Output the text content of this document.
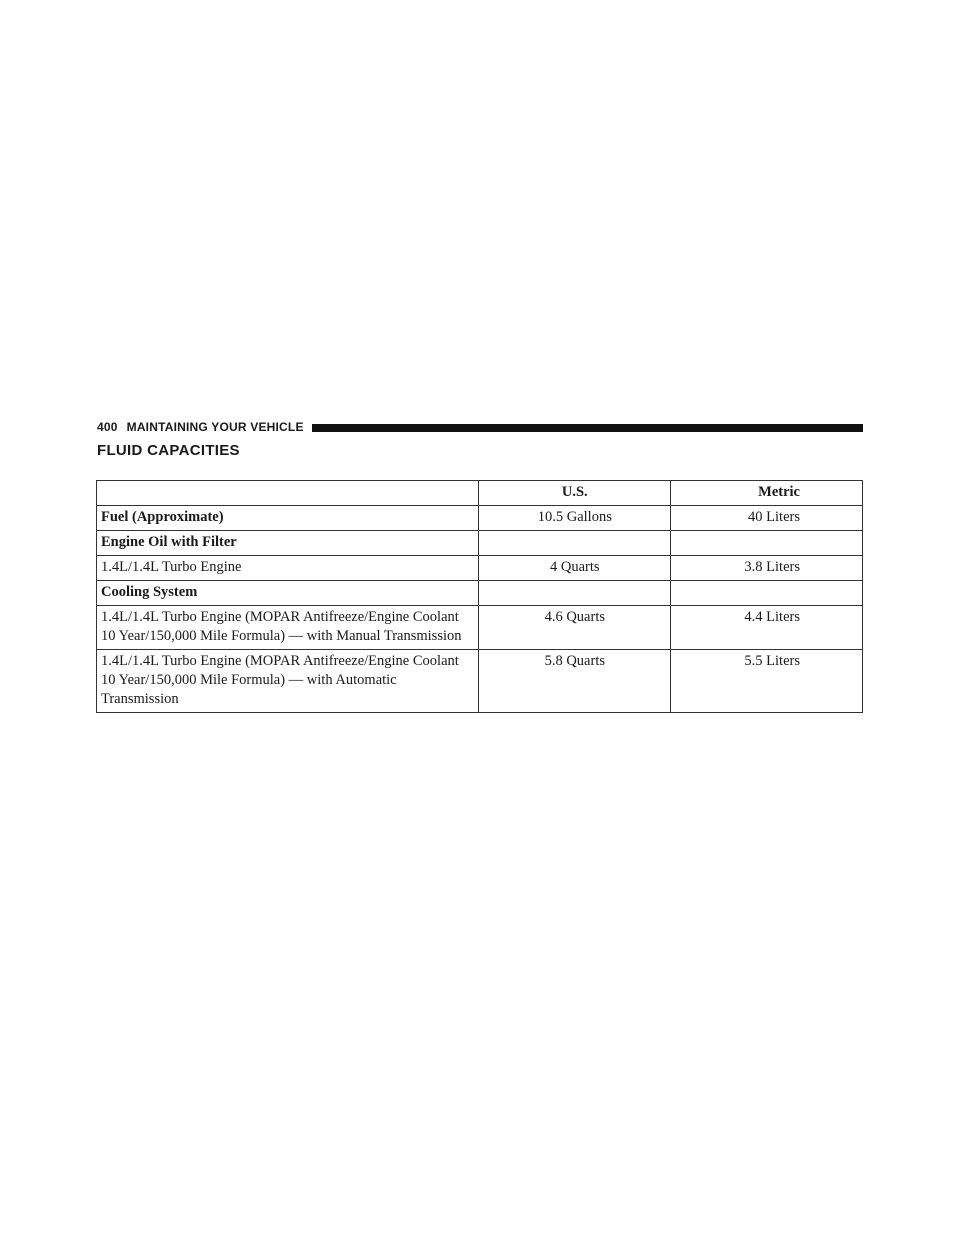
400 MAINTAINING YOUR VEHICLE
FLUID CAPACITIES
	U.S.	Metric
Fuel (Approximate)	10.5 Gallons	40 Liters
Engine Oil with Filter		
1.4L/1.4L Turbo Engine	4 Quarts	3.8 Liters
Cooling System		
1.4L/1.4L Turbo Engine (MOPAR Antifreeze/Engine Coolant 10 Year/150,000 Mile Formula) — with Manual Transmission	4.6 Quarts	4.4 Liters
1.4L/1.4L Turbo Engine (MOPAR Antifreeze/Engine Coolant 10 Year/150,000 Mile Formula) — with Automatic Transmission	5.8 Quarts	5.5 Liters
